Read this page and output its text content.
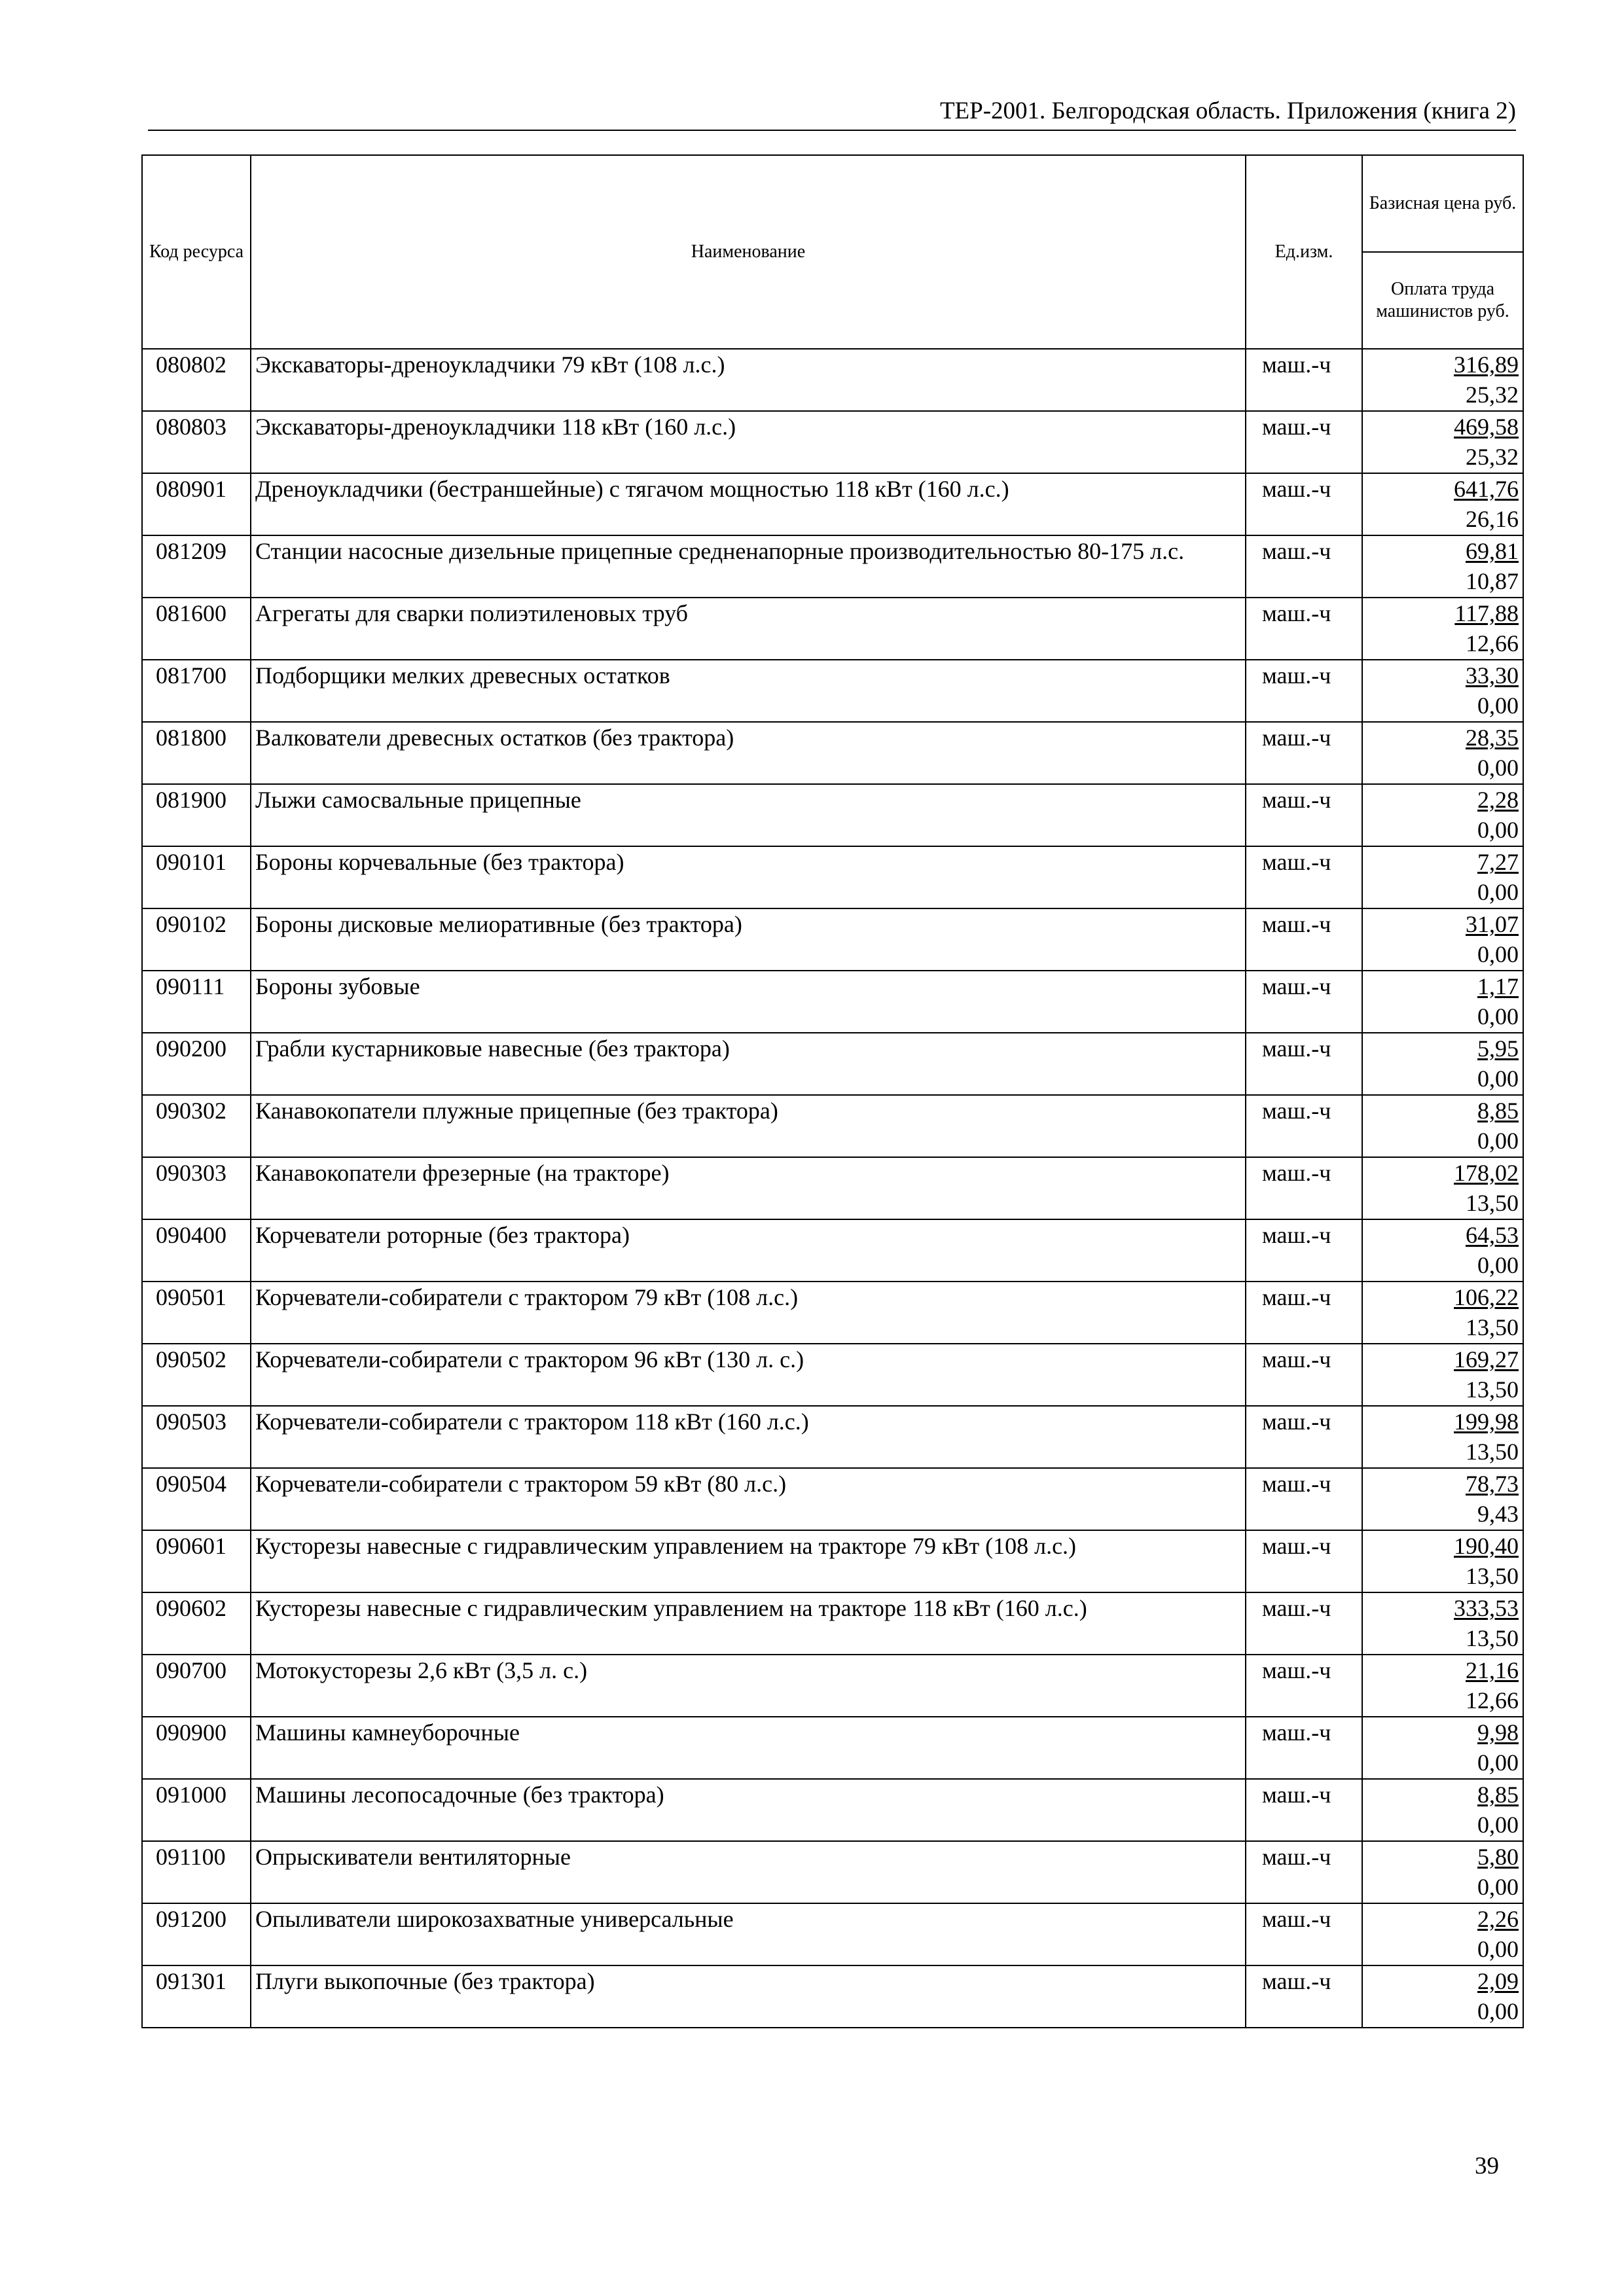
ТЕР-2001. Белгородская область. Приложения (книга 2)
Код ресурса	Наименование	Ед.изм.	Базисная цена руб.
			Оплата труда машинистов руб.
080802	Экскаваторы-дреноукладчики 79 кВт (108 л.с.)	маш.-ч	316,89
25,32

080803	Экскаваторы-дреноукладчики 118 кВт (160 л.с.)	маш.-ч	469,58
25,32

080901	Дреноукладчики (бестраншейные) с тягачом мощностью 118 кВт (160 л.с.)	маш.-ч	641,76
26,16

081209	Станции насосные дизельные прицепные средненапорные производительностью 80-175 л.с.	маш.-ч	69,81
10,87

081600	Агрегаты для сварки полиэтиленовых труб	маш.-ч	117,88
12,66

081700	Подборщики мелких древесных остатков	маш.-ч	33,30
0,00

081800	Валкователи древесных остатков (без трактора)	маш.-ч	28,35
0,00

081900	Лыжи самосвальные прицепные	маш.-ч	2,28
0,00

090101	Бороны корчевальные (без трактора)	маш.-ч	7,27
0,00

090102	Бороны дисковые мелиоративные (без трактора)	маш.-ч	31,07
0,00

090111	Бороны зубовые	маш.-ч	1,17
0,00

090200	Грабли кустарниковые навесные (без трактора)	маш.-ч	5,95
0,00

090302	Канавокопатели плужные прицепные (без трактора)	маш.-ч	8,85
0,00

090303	Канавокопатели фрезерные (на тракторе)	маш.-ч	178,02
13,50

090400	Корчеватели роторные (без трактора)	маш.-ч	64,53
0,00

090501	Корчеватели-собиратели с трактором 79 кВт (108 л.с.)	маш.-ч	106,22
13,50

090502	Корчеватели-собиратели с трактором 96 кВт (130 л. с.)	маш.-ч	169,27
13,50

090503	Корчеватели-собиратели с трактором 118 кВт (160 л.с.)	маш.-ч	199,98
13,50

090504	Корчеватели-собиратели с трактором 59 кВт (80 л.с.)	маш.-ч	78,73
9,43

090601	Кусторезы навесные с гидравлическим управлением на тракторе 79 кВт (108 л.с.)	маш.-ч	190,40
13,50

090602	Кусторезы навесные с гидравлическим управлением на тракторе 118 кВт (160 л.с.)	маш.-ч	333,53
13,50

090700	Мотокусторезы 2,6 кВт (3,5 л. с.)	маш.-ч	21,16
12,66

090900	Машины камнеуборочные	маш.-ч	9,98
0,00

091000	Машины лесопосадочные (без трактора)	маш.-ч	8,85
0,00

091100	Опрыскиватели вентиляторные	маш.-ч	5,80
0,00

091200	Опыливатели широкозахватные универсальные	маш.-ч	2,26
0,00

091301	Плуги выкопочные (без трактора)	маш.-ч	2,09
0,00
39
